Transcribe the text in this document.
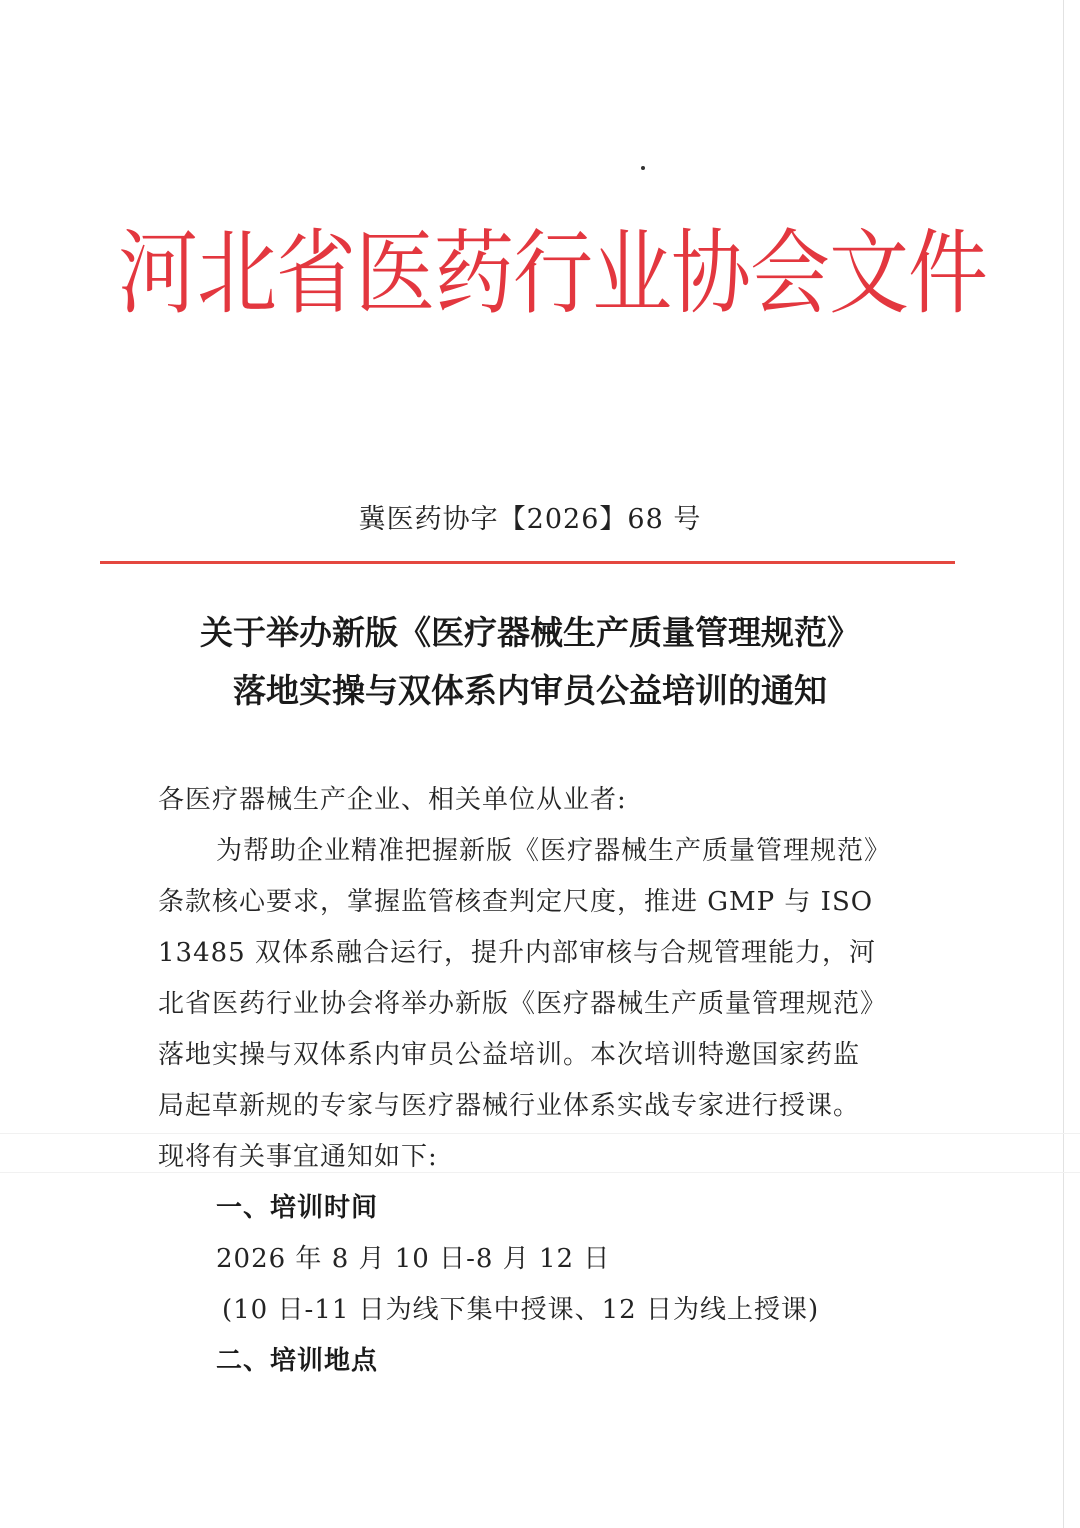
河北省医药行业协会文件
冀医药协字【2026】68 号
关于举办新版《医疗器械生产质量管理规范》
落地实操与双体系内审员公益培训的通知
各医疗器械生产企业、相关单位从业者:
为帮助企业精准把握新版《医疗器械生产质量管理规范》
条款核心要求，掌握监管核查判定尺度，推进 GMP 与 ISO
13485 双体系融合运行，提升内部审核与合规管理能力，河
北省医药行业协会将举办新版《医疗器械生产质量管理规范》
落地实操与双体系内审员公益培训。本次培训特邀国家药监
局起草新规的专家与医疗器械行业体系实战专家进行授课。
现将有关事宜通知如下:
一、培训时间
2026 年 8 月 10 日-8 月 12 日
(10 日-11 日为线下集中授课、12 日为线上授课)
二、培训地点
